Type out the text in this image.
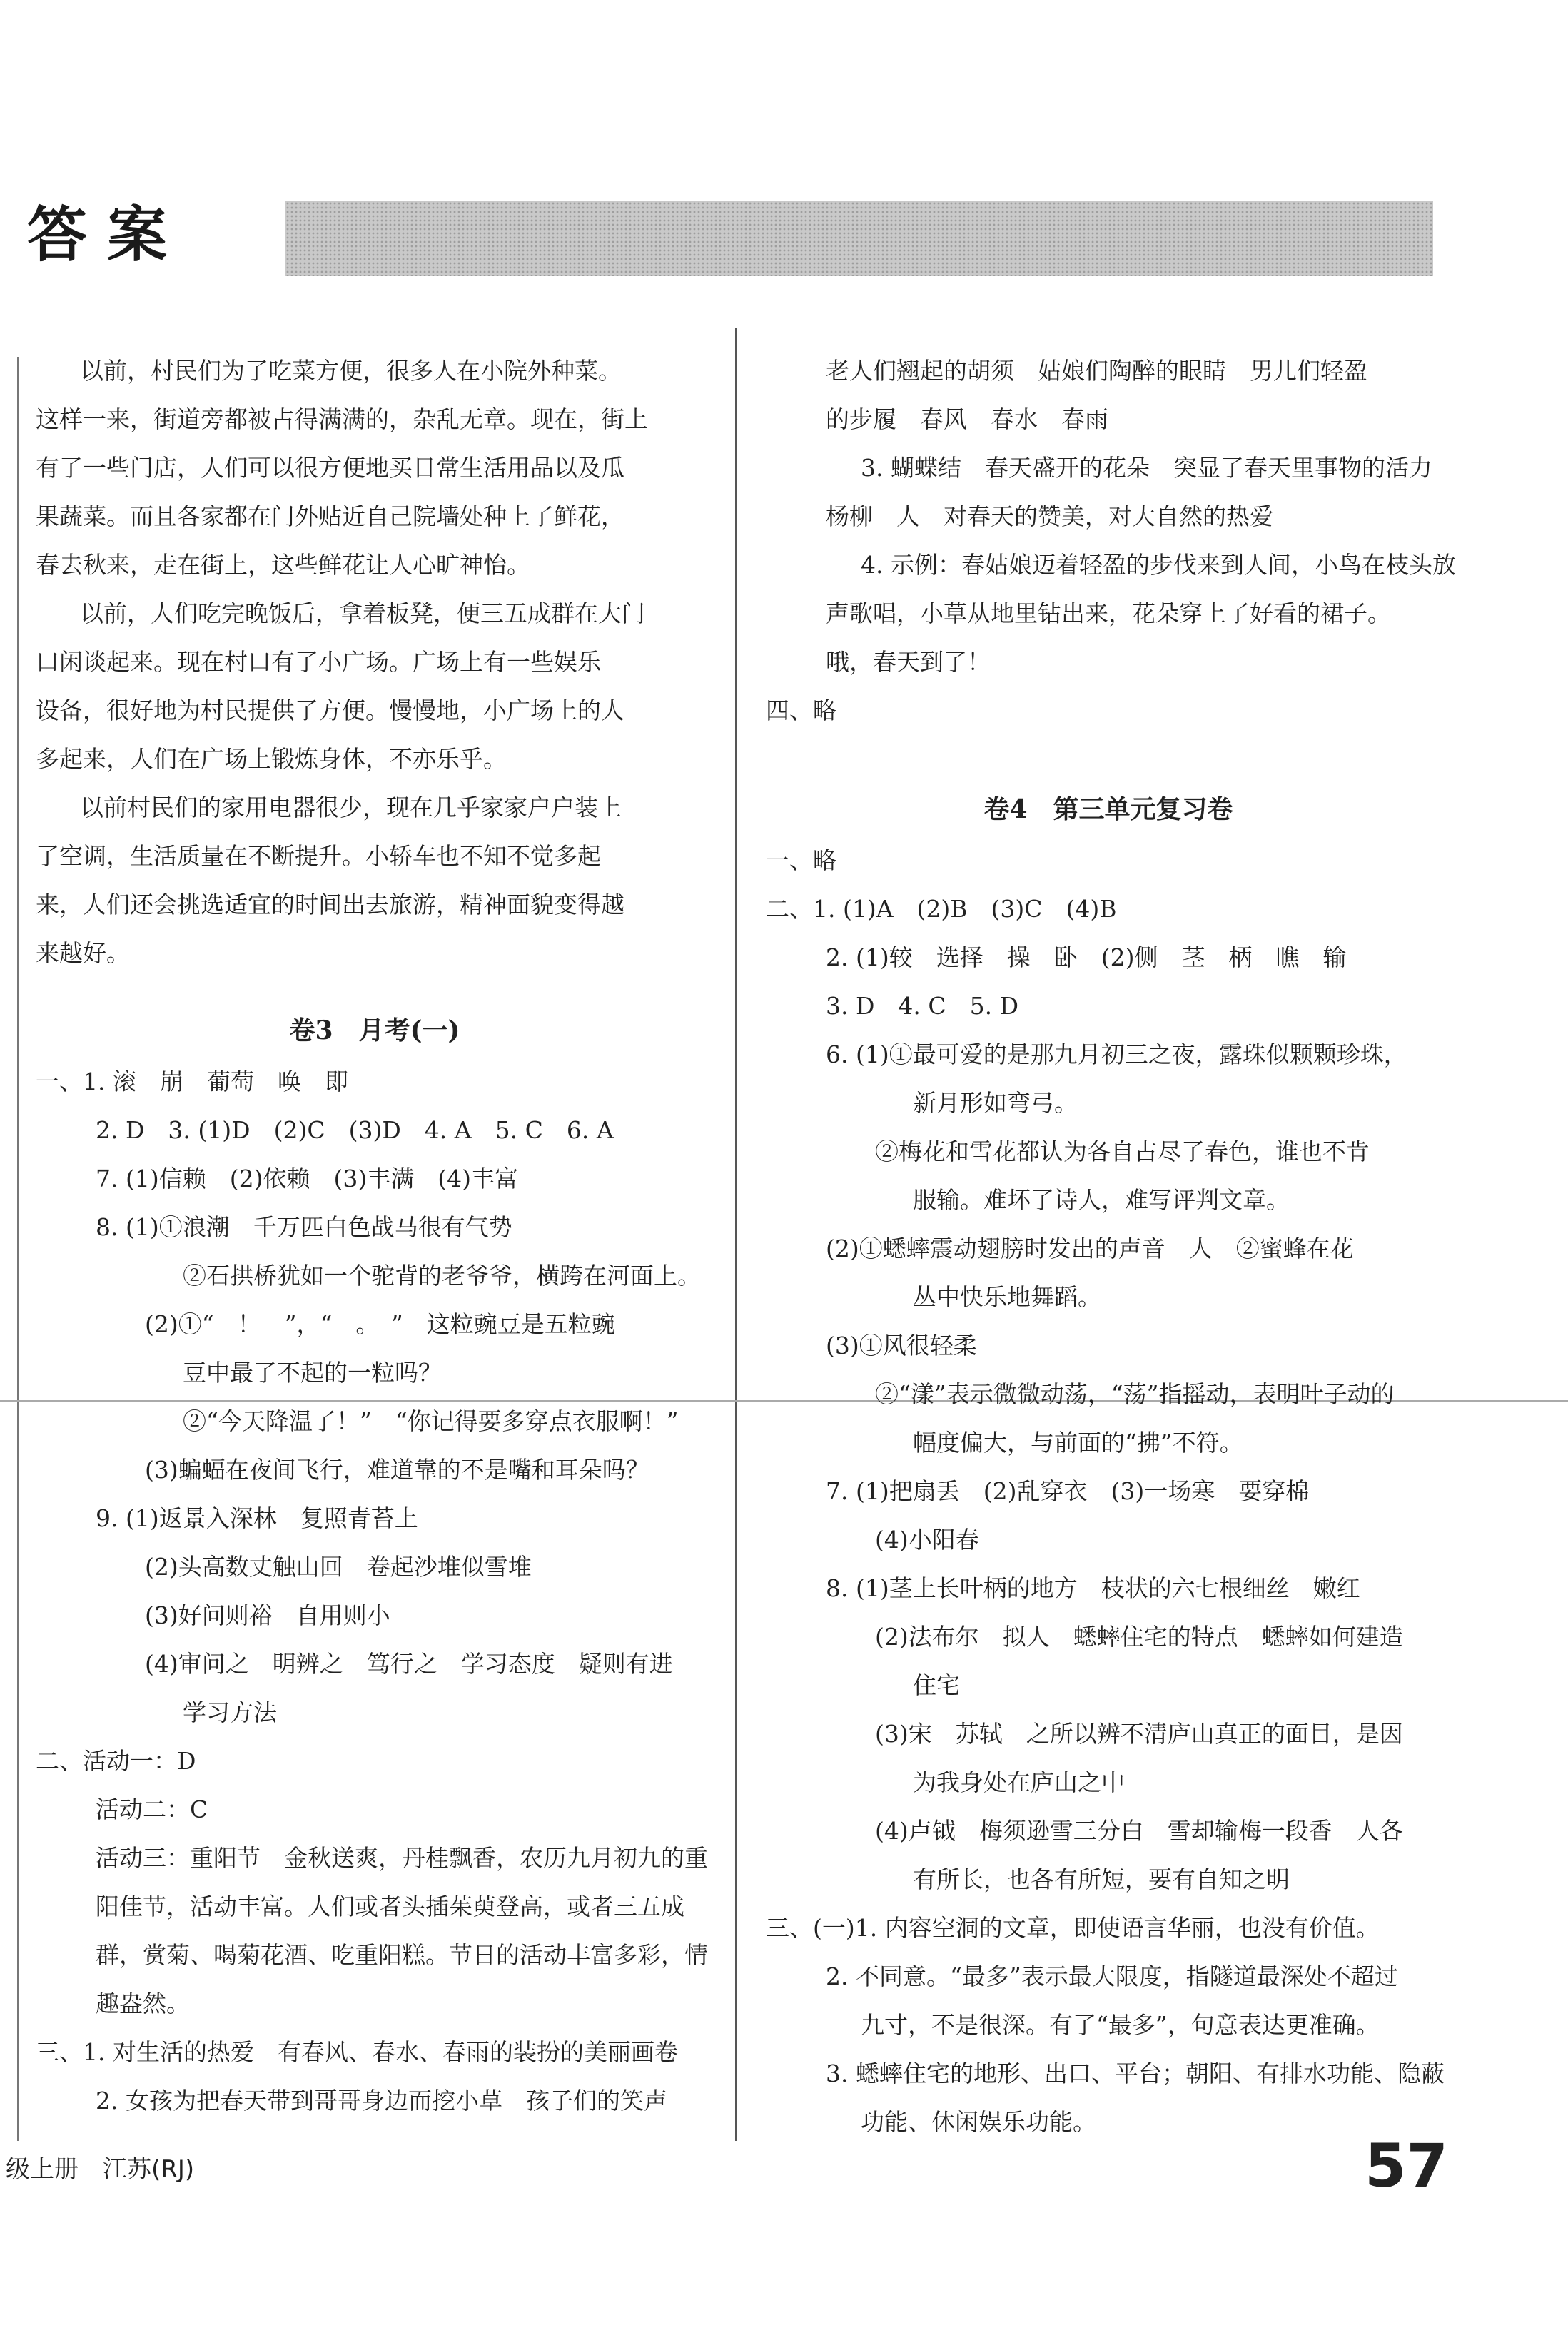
答案
以前，村民们为了吃菜方便，很多人在小院外种菜。
这样一来，街道旁都被占得满满的，杂乱无章。现在，街上
有了一些门店，人们可以很方便地买日常生活用品以及瓜
果蔬菜。而且各家都在门外贴近自己院墙处种上了鲜花，
春去秋来，走在街上，这些鲜花让人心旷神怡。
以前，人们吃完晚饭后，拿着板凳，便三五成群在大门
口闲谈起来。现在村口有了小广场。广场上有一些娱乐
设备，很好地为村民提供了方便。慢慢地，小广场上的人
多起来，人们在广场上锻炼身体，不亦乐乎。
以前村民们的家用电器很少，现在几乎家家户户装上
了空调，生活质量在不断提升。小轿车也不知不觉多起
来，人们还会挑选适宜的时间出去旅游，精神面貌变得越
来越好。
卷3　月考(一)
一、1. 滚　崩　葡萄　唤　即
2. D　3. (1)D　(2)C　(3)D　4. A　5. C　6. A
7. (1)信赖　(2)依赖　(3)丰满　(4)丰富
8. (1)①浪潮　千万匹白色战马很有气势
②石拱桥犹如一个驼背的老爷爷，横跨在河面上。
(2)①“　！　”，“　。　”　这粒豌豆是五粒豌
豆中最了不起的一粒吗？
②“今天降温了！”　“你记得要多穿点衣服啊！”
(3)蝙蝠在夜间飞行，难道靠的不是嘴和耳朵吗？
9. (1)返景入深林　复照青苔上
(2)头高数丈触山回　卷起沙堆似雪堆
(3)好问则裕　自用则小
(4)审问之　明辨之　笃行之　学习态度　疑则有进
学习方法
二、活动一：D
活动二：C
活动三：重阳节　金秋送爽，丹桂飘香，农历九月初九的重
阳佳节，活动丰富。人们或者头插茱萸登高，或者三五成
群，赏菊、喝菊花酒、吃重阳糕。节日的活动丰富多彩，情
趣盎然。
三、1. 对生活的热爱　有春风、春水、春雨的装扮的美丽画卷
2. 女孩为把春天带到哥哥身边而挖小草　孩子们的笑声
老人们翘起的胡须　姑娘们陶醉的眼睛　男儿们轻盈
的步履　春风　春水　春雨
3. 蝴蝶结　春天盛开的花朵　突显了春天里事物的活力
杨柳　人　对春天的赞美，对大自然的热爱
4. 示例：春姑娘迈着轻盈的步伐来到人间，小鸟在枝头放
声歌唱，小草从地里钻出来，花朵穿上了好看的裙子。
哦，春天到了！
四、略
卷4　第三单元复习卷
一、略
二、1. (1)A　(2)B　(3)C　(4)B
2. (1)较　选择　操　卧　(2)侧　茎　柄　瞧　输
3. D　4. C　5. D
6. (1)①最可爱的是那九月初三之夜，露珠似颗颗珍珠，
新月形如弯弓。
②梅花和雪花都认为各自占尽了春色，谁也不肯
服输。难坏了诗人，难写评判文章。
(2)①蟋蟀震动翅膀时发出的声音　人　②蜜蜂在花
丛中快乐地舞蹈。
(3)①风很轻柔
②“漾”表示微微动荡，“荡”指摇动，表明叶子动的
幅度偏大，与前面的“拂”不符。
7. (1)把扇丢　(2)乱穿衣　(3)一场寒　要穿棉
(4)小阳春
8. (1)茎上长叶柄的地方　枝状的六七根细丝　嫩红
(2)法布尔　拟人　蟋蟀住宅的特点　蟋蟀如何建造
住宅
(3)宋　苏轼　之所以辨不清庐山真正的面目，是因
为我身处在庐山之中
(4)卢钺　梅须逊雪三分白　雪却输梅一段香　人各
有所长，也各有所短，要有自知之明
三、(一)1. 内容空洞的文章，即使语言华丽，也没有价值。
2. 不同意。“最多”表示最大限度，指隧道最深处不超过
九寸，不是很深。有了“最多”，句意表达更准确。
3. 蟋蟀住宅的地形、出口、平台；朝阳、有排水功能、隐蔽
功能、休闲娱乐功能。
级上册　江苏(RJ)	57
